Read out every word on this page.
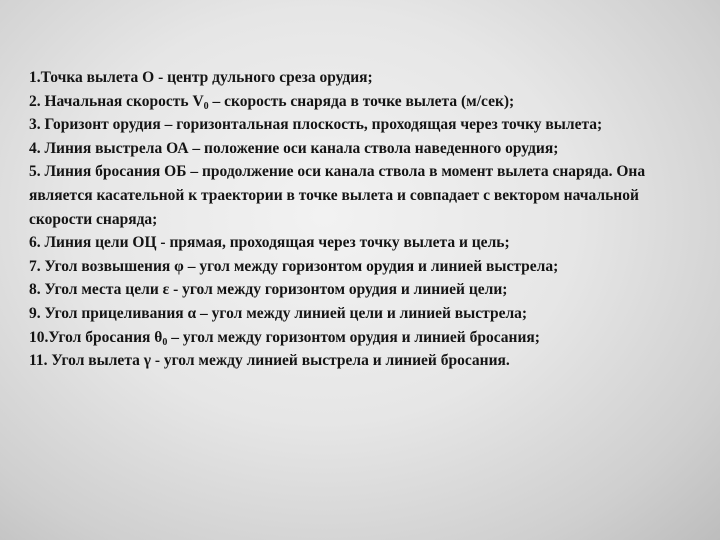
1.Точка вылета О - центр дульного среза орудия;
2. Начальная скорость $V_0$ – скорость снаряда в точке вылета (м/сек);
3. Горизонт орудия – горизонтальная плоскость, проходящая через точку вылета;
4. Линия выстрела ОА – положение оси канала ствола наведенного орудия;
5. Линия бросания ОБ – продолжение оси канала ствола в момент вылета снаряда. Она является касательной к траектории в точке вылета и совпадает с вектором начальной скорости снаряда;
6. Линия цели ОЦ - прямая, проходящая через точку вылета и цель;
7. Угол возвышения φ – угол между горизонтом орудия и линией выстрела;
8. Угол места цели ε - угол между горизонтом орудия и линией цели;
9. Угол прицеливания α – угол между линией цели и линией выстрела;
10.Угол бросания $\theta_0$ – угол между горизонтом орудия и линией бросания;
11. Угол вылета γ - угол между линией выстрела и линией бросания.
